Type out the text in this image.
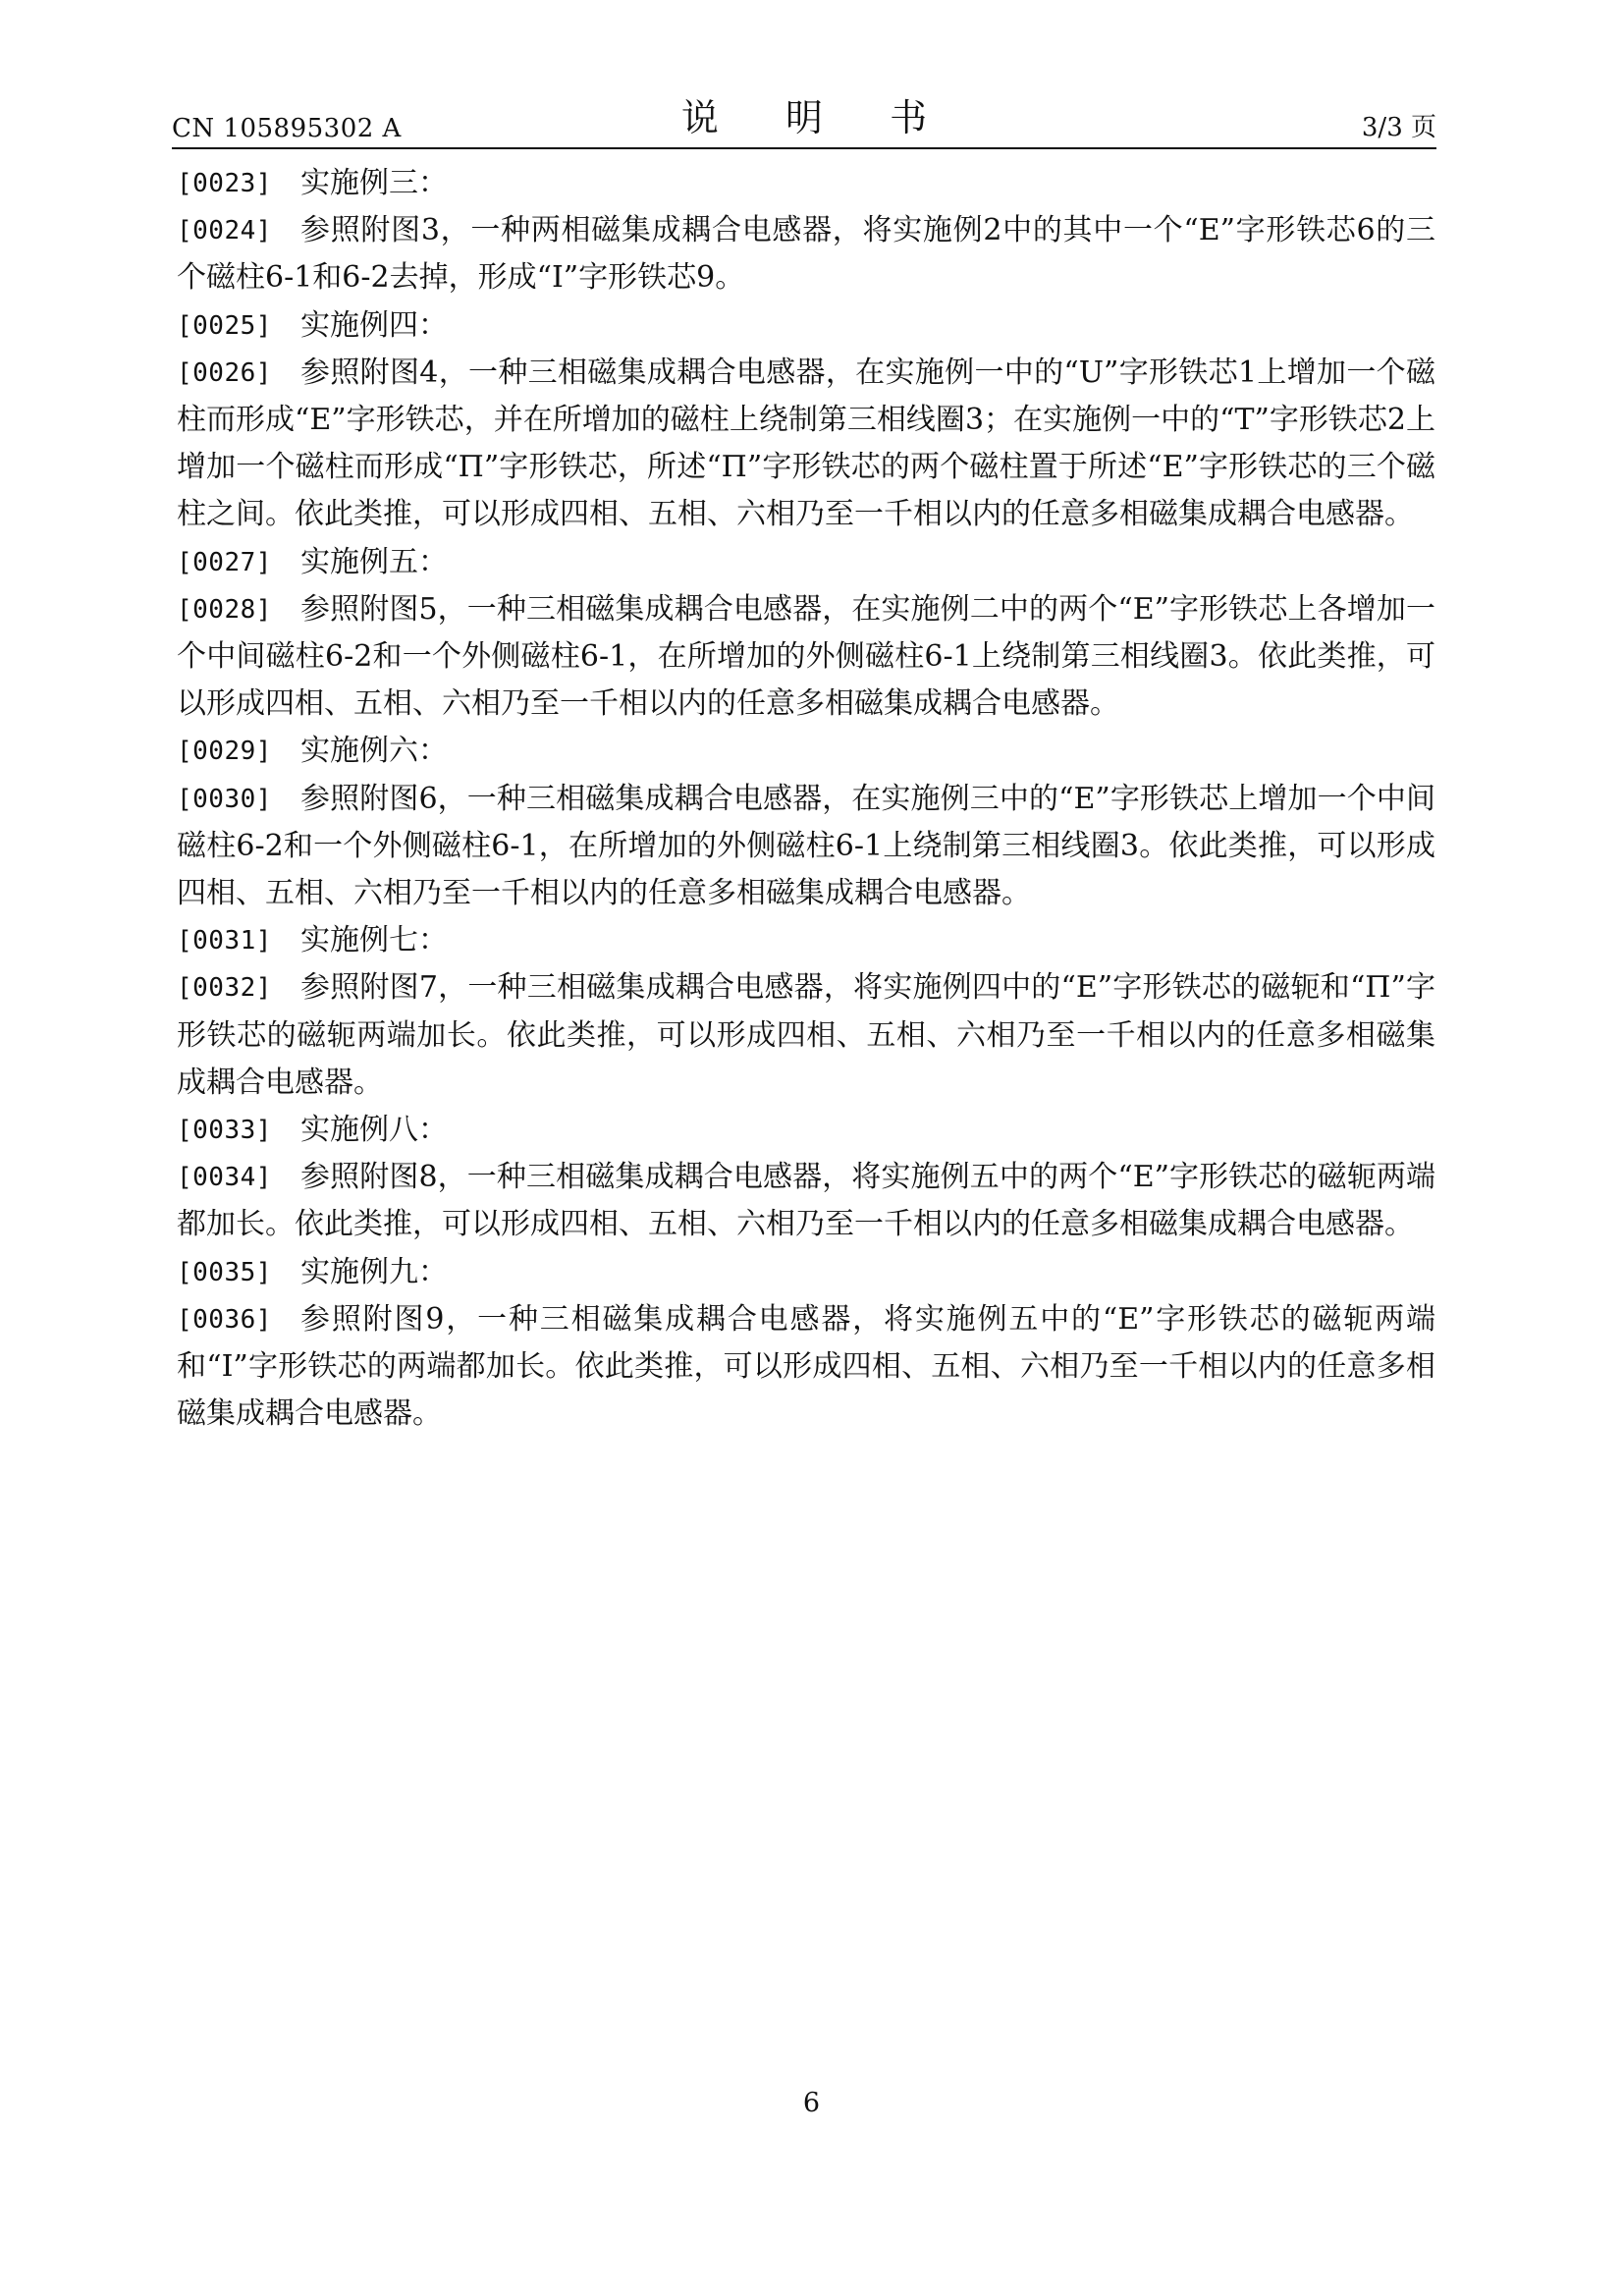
CN 105895302 A	说 明 书	3/3 页

[0023] 实施例三：

[0024] 参照附图3，一种两相磁集成耦合电感器，将实施例2中的其中一个“E”字形铁芯6的三个磁柱6-1和6-2去掉，形成“I”字形铁芯9。

[0025] 实施例四：

[0026] 参照附图4，一种三相磁集成耦合电感器，在实施例一中的“U”字形铁芯1上增加一个磁柱而形成“E”字形铁芯，并在所增加的磁柱上绕制第三相线圈3；在实施例一中的“T”字形铁芯2上增加一个磁柱而形成“Π”字形铁芯，所述“Π”字形铁芯的两个磁柱置于所述“E”字形铁芯的三个磁柱之间。依此类推，可以形成四相、五相、六相乃至一千相以内的任意多相磁集成耦合电感器。

[0027] 实施例五：

[0028] 参照附图5，一种三相磁集成耦合电感器，在实施例二中的两个“E”字形铁芯上各增加一个中间磁柱6-2和一个外侧磁柱6-1，在所增加的外侧磁柱6-1上绕制第三相线圈3。依此类推，可以形成四相、五相、六相乃至一千相以内的任意多相磁集成耦合电感器。

[0029] 实施例六：

[0030] 参照附图6，一种三相磁集成耦合电感器，在实施例三中的“E”字形铁芯上增加一个中间磁柱6-2和一个外侧磁柱6-1，在所增加的外侧磁柱6-1上绕制第三相线圈3。依此类推，可以形成四相、五相、六相乃至一千相以内的任意多相磁集成耦合电感器。

[0031] 实施例七：

[0032] 参照附图7，一种三相磁集成耦合电感器，将实施例四中的“E”字形铁芯的磁轭和“Π”字形铁芯的磁轭两端加长。依此类推，可以形成四相、五相、六相乃至一千相以内的任意多相磁集成耦合电感器。

[0033] 实施例八：

[0034] 参照附图8，一种三相磁集成耦合电感器，将实施例五中的两个“E”字形铁芯的磁轭两端都加长。依此类推，可以形成四相、五相、六相乃至一千相以内的任意多相磁集成耦合电感器。

[0035] 实施例九：

[0036] 参照附图9，一种三相磁集成耦合电感器，将实施例五中的“E”字形铁芯的磁轭两端和“I”字形铁芯的两端都加长。依此类推，可以形成四相、五相、六相乃至一千相以内的任意多相磁集成耦合电感器。

6
